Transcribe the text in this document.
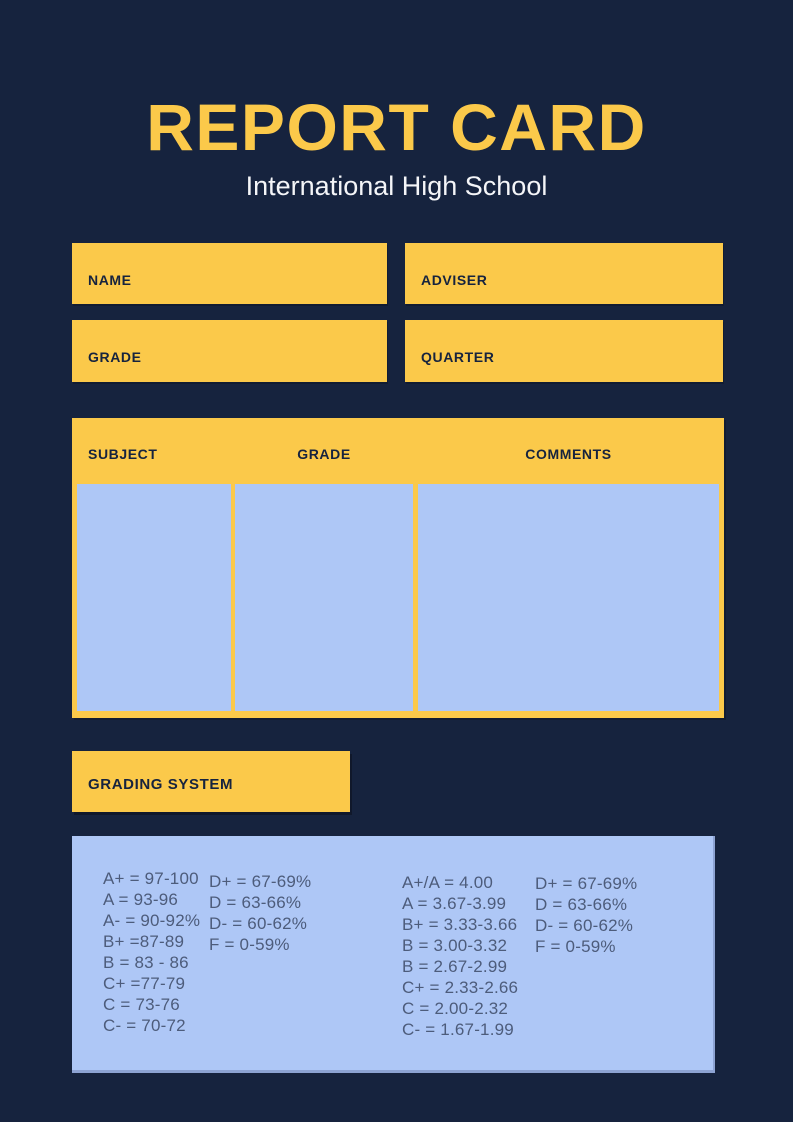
REPORT CARD
International High School
NAME	ADVISER
GRADE	QUARTER
SUBJECT	GRADE	COMMENTS
GRADING SYSTEM
A+ = 97-100
A = 93-96
A- = 90-92%
B+ =87-89
B = 83 - 86
C+ =77-79
C = 73-76
C- = 70-72
D+ = 67-69%
D = 63-66%
D- = 60-62%
F = 0-59%
A+/A = 4.00
A = 3.67-3.99
B+ = 3.33-3.66
B = 3.00-3.32
B = 2.67-2.99
C+ = 2.33-2.66
C = 2.00-2.32
C- = 1.67-1.99
D+ = 67-69%
D = 63-66%
D- = 60-62%
F = 0-59%
